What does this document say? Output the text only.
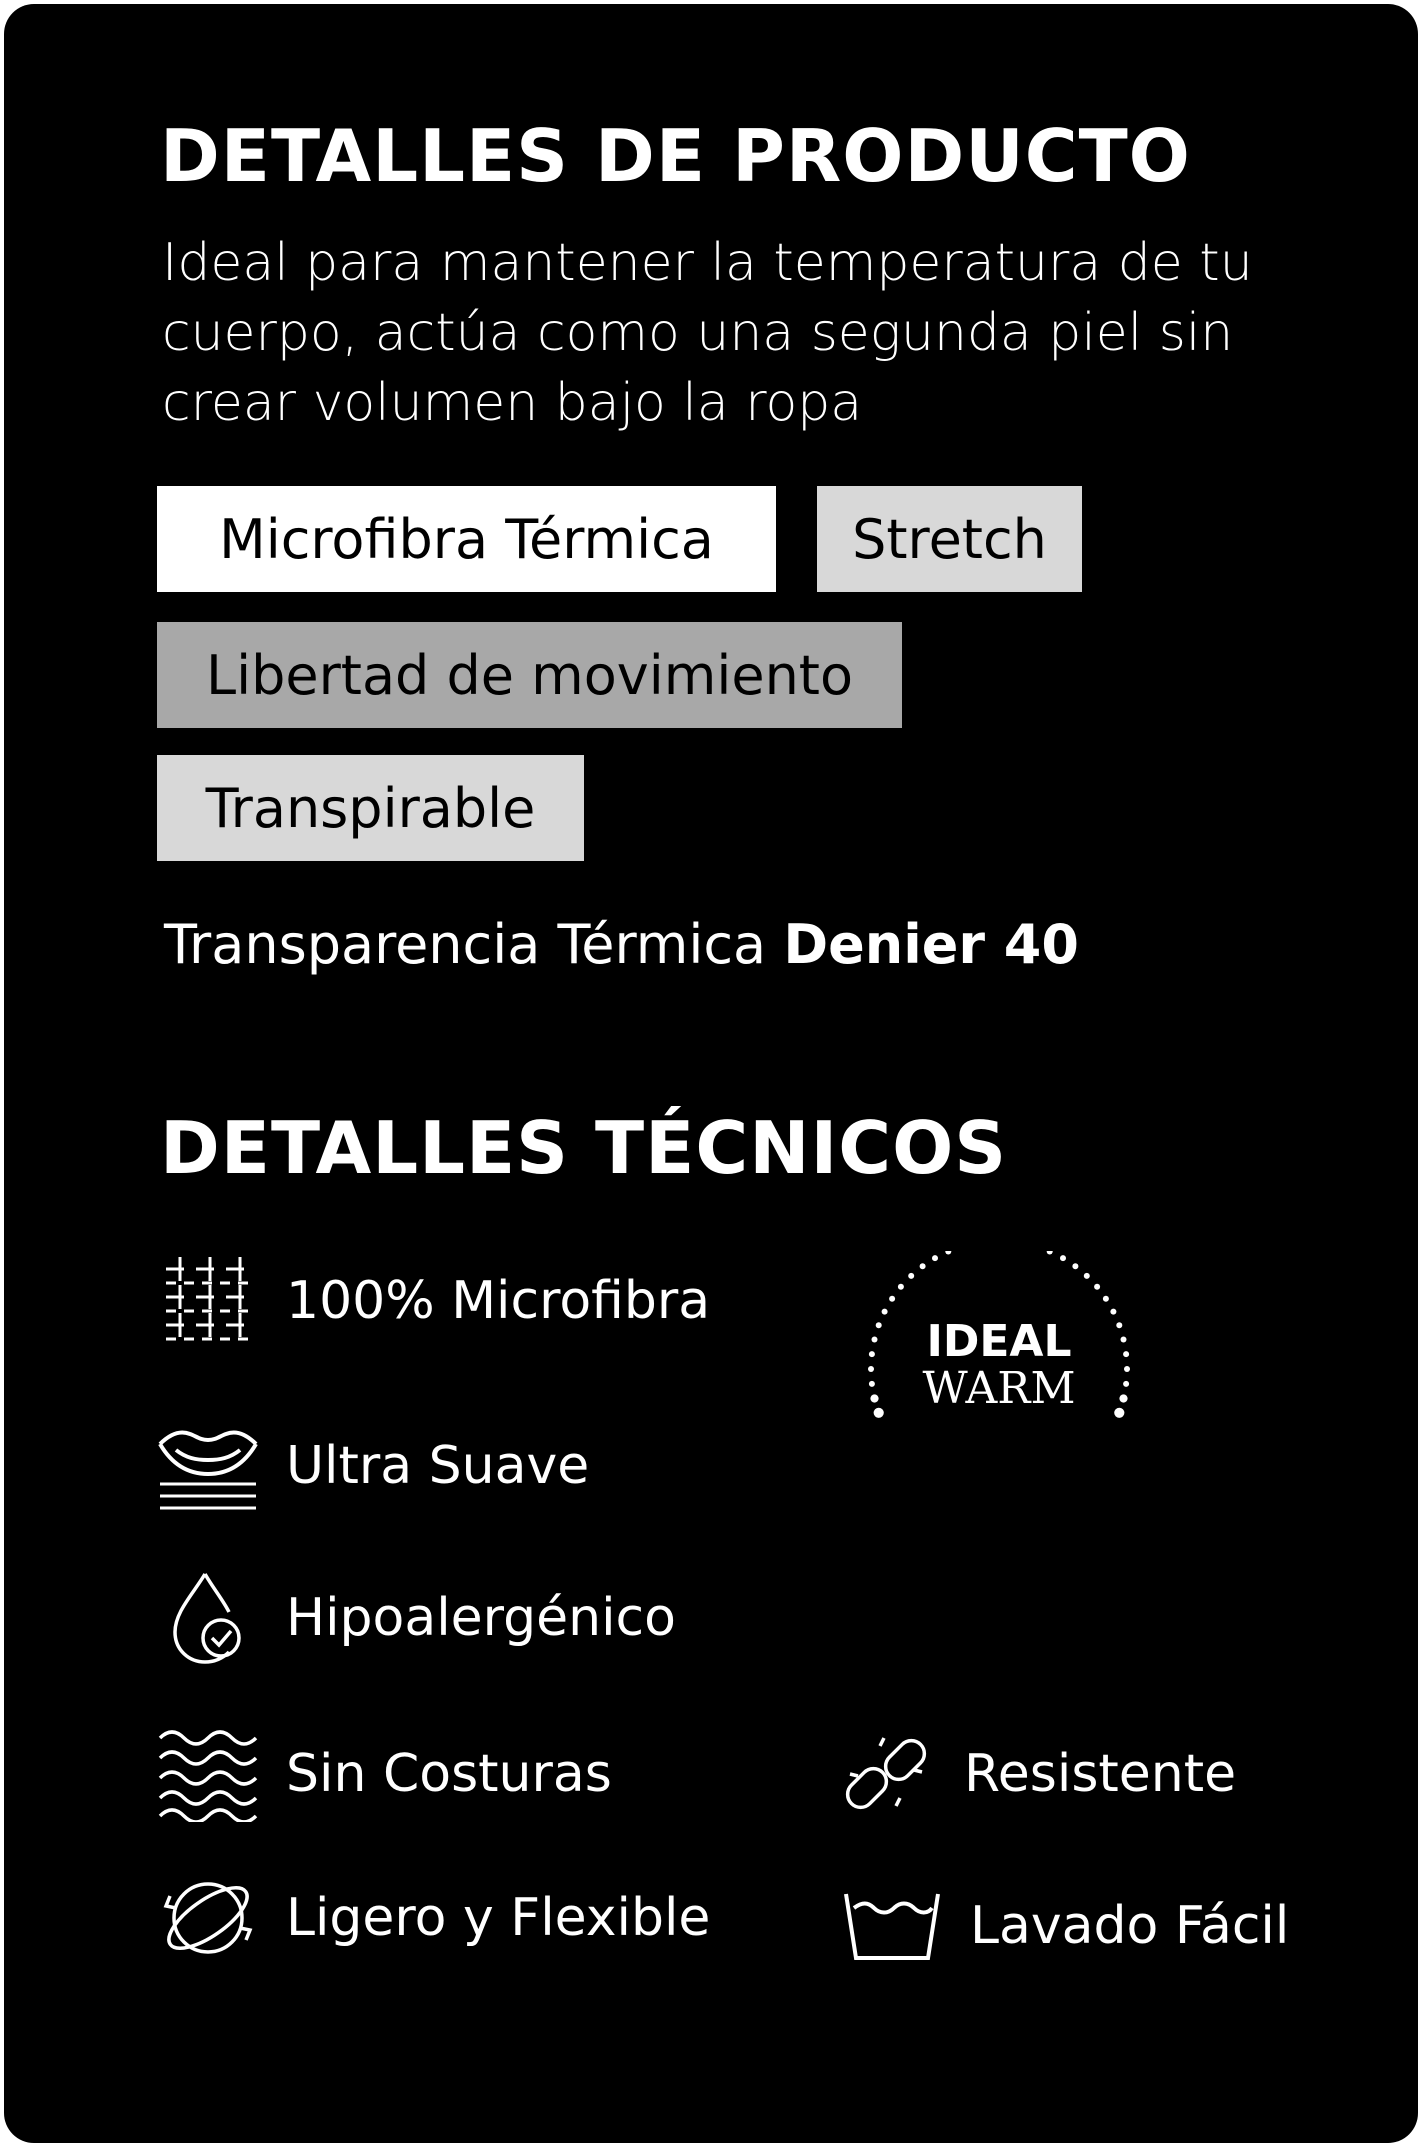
DETALLES DE PRODUCTO
Ideal para mantener la temperatura de tu cuerpo, actúa como una segunda piel sin crear volumen bajo la ropa
Microfibra Térmica	Stretch
Libertad de movimiento
Transpirable
Transparencia Térmica Denier 40
DETALLES TÉCNICOS
100% Microfibra
Ultra Suave
Hipoalergénico
Sin Costuras
Ligero y Flexible
Resistente
Lavado Fácil
IDEAL
WARM
